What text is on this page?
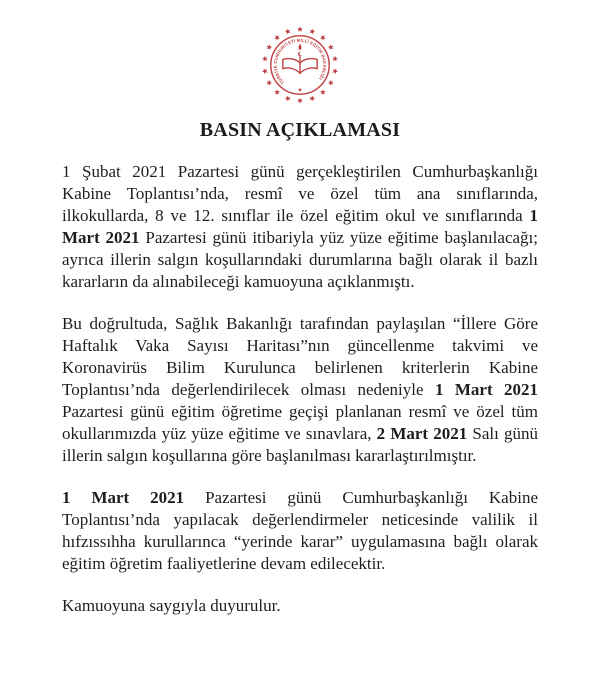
TÜRKİYE CUMHURİYETİ MİLLÎ EĞİTİM BAKANLIĞI
BASIN AÇIKLAMASI

1 Şubat 2021 Pazartesi günü gerçekleştirilen Cumhurbaşkanlığı Kabine Toplantısı’nda, resmî ve özel tüm ana sınıflarında, ilkokullarda, 8 ve 12. sınıflar ile özel eğitim okul ve sınıflarında 1 Mart 2021 Pazartesi günü itibariyla yüz yüze eğitime başlanılacağı; ayrıca illerin salgın koşullarındaki durumlarına bağlı olarak il bazlı kararların da alınabileceği kamuoyuna açıklanmıştı.

Bu doğrultuda, Sağlık Bakanlığı tarafından paylaşılan “İllere Göre Haftalık Vaka Sayısı Haritası”nın güncellenme takvimi ve Koronavirüs Bilim Kurulunca belirlenen kriterlerin Kabine Toplantısı’nda değerlendirilecek olması nedeniyle 1 Mart 2021 Pazartesi günü eğitim öğretime geçişi planlanan resmî ve özel tüm okullarımızda yüz yüze eğitime ve sınavlara, 2 Mart 2021 Salı günü illerin salgın koşullarına göre başlanılması kararlaştırılmıştır.

1 Mart 2021 Pazartesi günü Cumhurbaşkanlığı Kabine Toplantısı’nda yapılacak değerlendirmeler neticesinde valilik il hıfzıssıhha kurullarınca “yerinde karar” uygulamasına bağlı olarak eğitim öğretim faaliyetlerine devam edilecektir.

Kamuoyuna saygıyla duyurulur.
